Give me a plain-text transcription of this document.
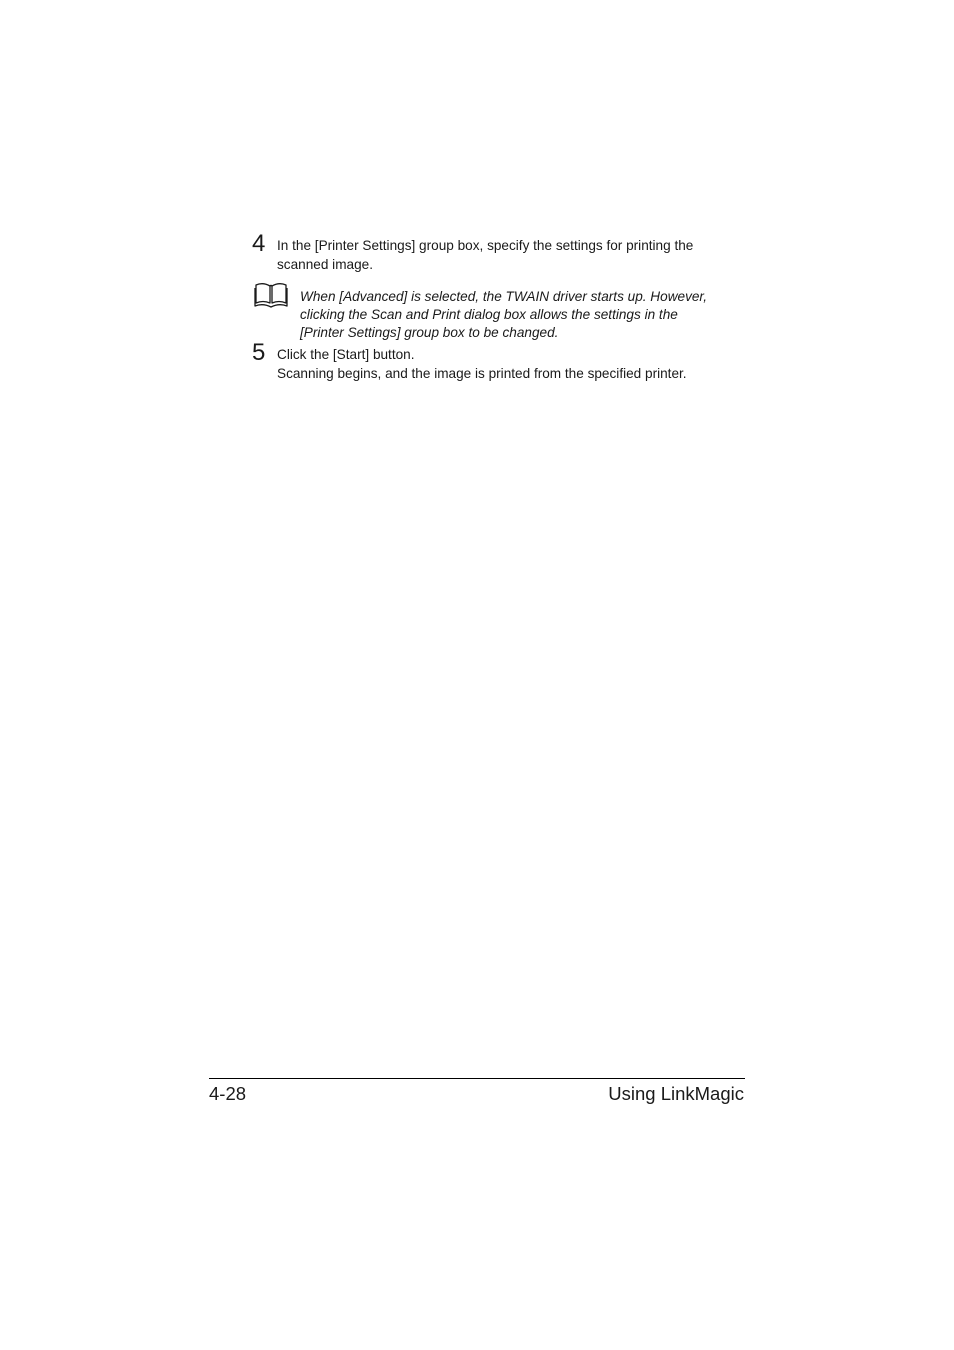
4 In the [Printer Settings] group box, specify the settings for printing the

scanned image.

When [Advanced] is selected, the TWAIN driver starts up. However,
clicking the Scan and Print dialog box allows the settings in the
[Printer Settings] group box to be changed.
5 Click the [Start] button.

Scanning begins, and the image is printed from the specified printer.

4-28	Using LinkMagic
